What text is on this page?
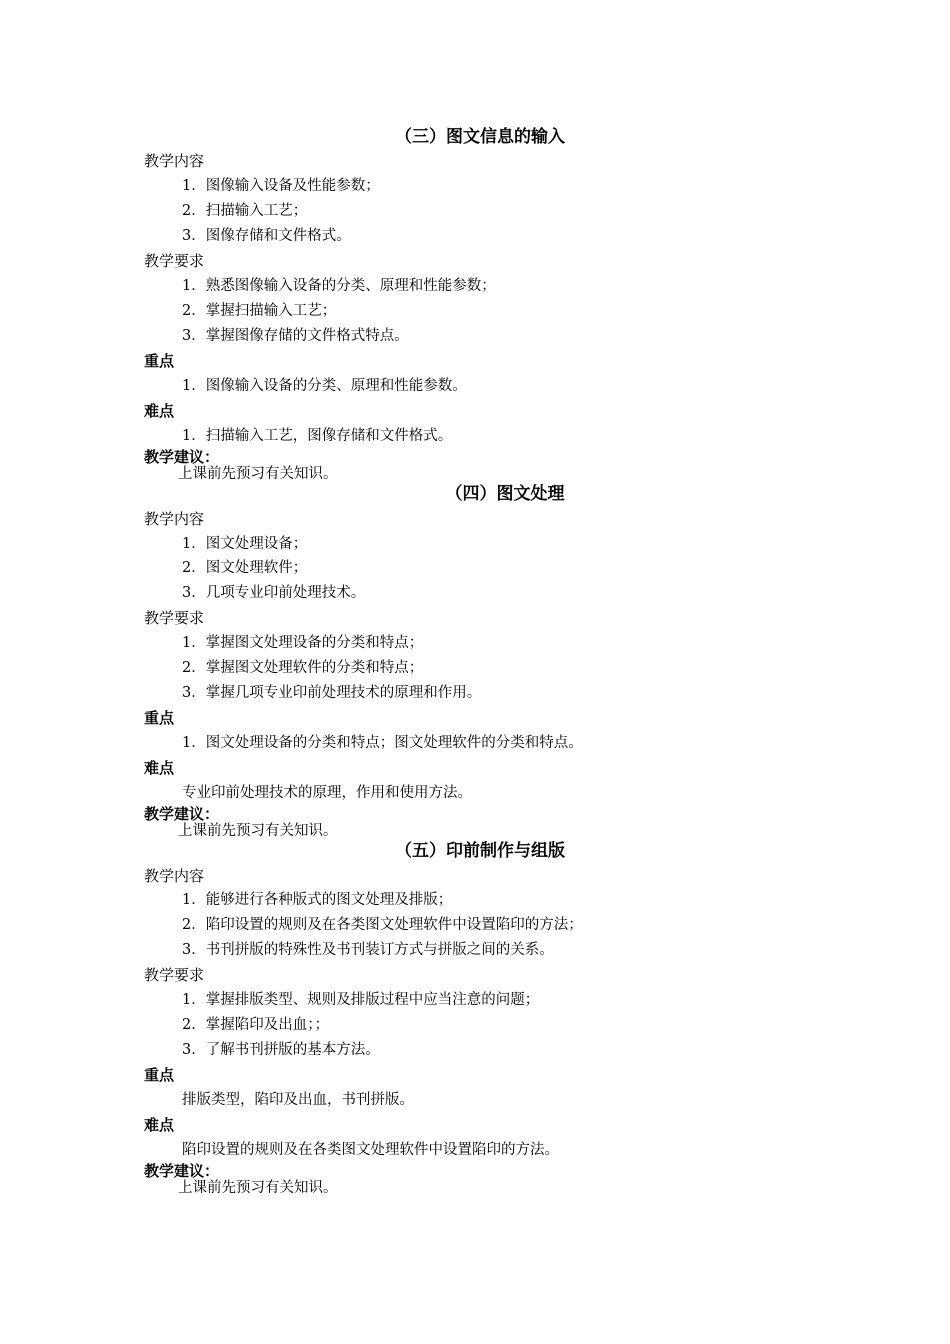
（三）图文信息的输入
教学内容
1．图像输入设备及性能参数；
2．扫描输入工艺；
3．图像存储和文件格式。
教学要求
1．熟悉图像输入设备的分类、原理和性能参数；
2．掌握扫描输入工艺；
3．掌握图像存储的文件格式特点。
重点
1．图像输入设备的分类、原理和性能参数。
难点
1．扫描输入工艺，图像存储和文件格式。
教学建议：
上课前先预习有关知识。
（四）图文处理
教学内容
1．图文处理设备；
2．图文处理软件；
3．几项专业印前处理技术。
教学要求
1．掌握图文处理设备的分类和特点；
2．掌握图文处理软件的分类和特点；
3．掌握几项专业印前处理技术的原理和作用。
重点
1．图文处理设备的分类和特点；图文处理软件的分类和特点。
难点
专业印前处理技术的原理，作用和使用方法。
教学建议：
上课前先预习有关知识。
（五）印前制作与组版
教学内容
1．能够进行各种版式的图文处理及排版；
2．陷印设置的规则及在各类图文处理软件中设置陷印的方法；
3．书刊拼版的特殊性及书刊装订方式与拼版之间的关系。
教学要求
1．掌握排版类型、规则及排版过程中应当注意的问题；
2．掌握陷印及出血；；
3．了解书刊拼版的基本方法。
重点
排版类型，陷印及出血，书刊拼版。
难点
陷印设置的规则及在各类图文处理软件中设置陷印的方法。
教学建议：
上课前先预习有关知识。
